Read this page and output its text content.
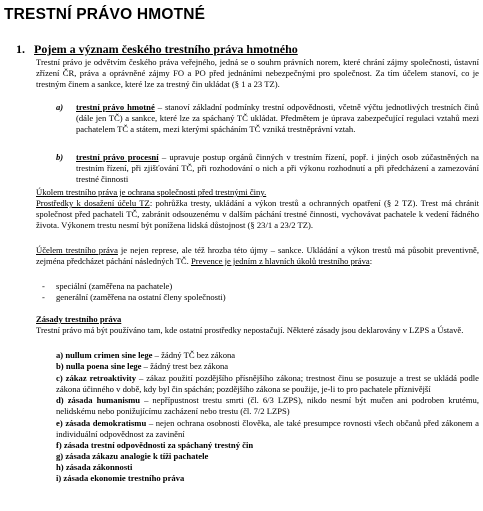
TRESTNÍ PRÁVO HMOTNÉ
1. Pojem a význam českého trestního práva hmotného
Trestní právo je odvětvím českého práva veřejného, jedná se o souhrn právních norem, které chrání zájmy společnosti, ústavní zřízení ČR, práva a oprávněné zájmy FO a PO před jednáními nebezpečnými pro společnost. Za tím účelem stanoví, co je trestným činem a sankce, které lze za trestný čin ukládat (§ 1 a 23 TZ).
a) trestní právo hmotné – stanoví základní podmínky trestní odpovědnosti, včetně výčtu jednotlivých trestních činů (dále jen TČ) a sankce, které lze za spáchaný TČ ukládat. Předmětem je úprava zabezpečující regulaci vztahů mezi pachatelem TČ a státem, mezi kterými spácháním TČ vzniká trestněprávní vztah.
b) trestní právo procesní – upravuje postup orgánů činných v trestním řízení, popř. i jiných osob zúčastněných na trestním řízení, při zjišťování TČ, při rozhodování o nich a při výkonu rozhodnutí a při předcházení a zamezování trestné činnosti
Úkolem trestního práva je ochrana společnosti před trestnými činy.
Prostředky k dosažení účelu TZ: pohrůžka tresty, ukládání a výkon trestů a ochranných opatření (§ 2 TZ). Trest má chránit společnost před pachateli TČ, zabránit odsouzenému v dalším páchání trestné činnosti, vychovávat pachatele k vedení řádného života. Výkonem trestu nesmí být ponížena lidská důstojnost (§ 23/1 a 23/2 TZ).
Účelem trestního práva je nejen represe, ale též hrozba této újmy – sankce. Ukládání a výkon trestů má působit preventivně, zejména předcházet páchání následných TČ. Prevence je jedním z hlavních úkolů trestního práva:
- speciální (zaměřena na pachatele)
- generální (zaměřena na ostatní členy společnosti)
Zásady trestního práva
Trestní právo má být používáno tam, kde ostatní prostředky nepostačují. Některé zásady jsou deklarovány v LZPS a Ústavě.
a) nullum crimen sine lege – žádný TČ bez zákona
b) nulla poena sine lege – žádný trest bez zákona
c) zákaz retroaktivity – zákaz použití pozdějšího přísnějšího zákona; trestnost činu se posuzuje a trest se ukládá podle zákona účinného v době, kdy byl čin spáchán; pozdějšího zákona se použije, je-li to pro pachatele příznivější
d) zásada humanismu – nepřípustnost trestu smrti (čl. 6/3 LZPS), nikdo nesmí být mučen ani podroben krutému, nelidskému nebo ponižujícímu zacházení nebo trestu (čl. 7/2 LZPS)
e) zásada demokratismu – nejen ochrana osobnosti člověka, ale také presumpce rovnosti všech občanů před zákonem a individuální odpovědnost za zavinění
f) zásada trestní odpovědnosti za spáchaný trestný čin
g) zásada zákazu analogie k tíži pachatele
h) zásada zákonnosti
i) zásada ekonomie trestního práva
